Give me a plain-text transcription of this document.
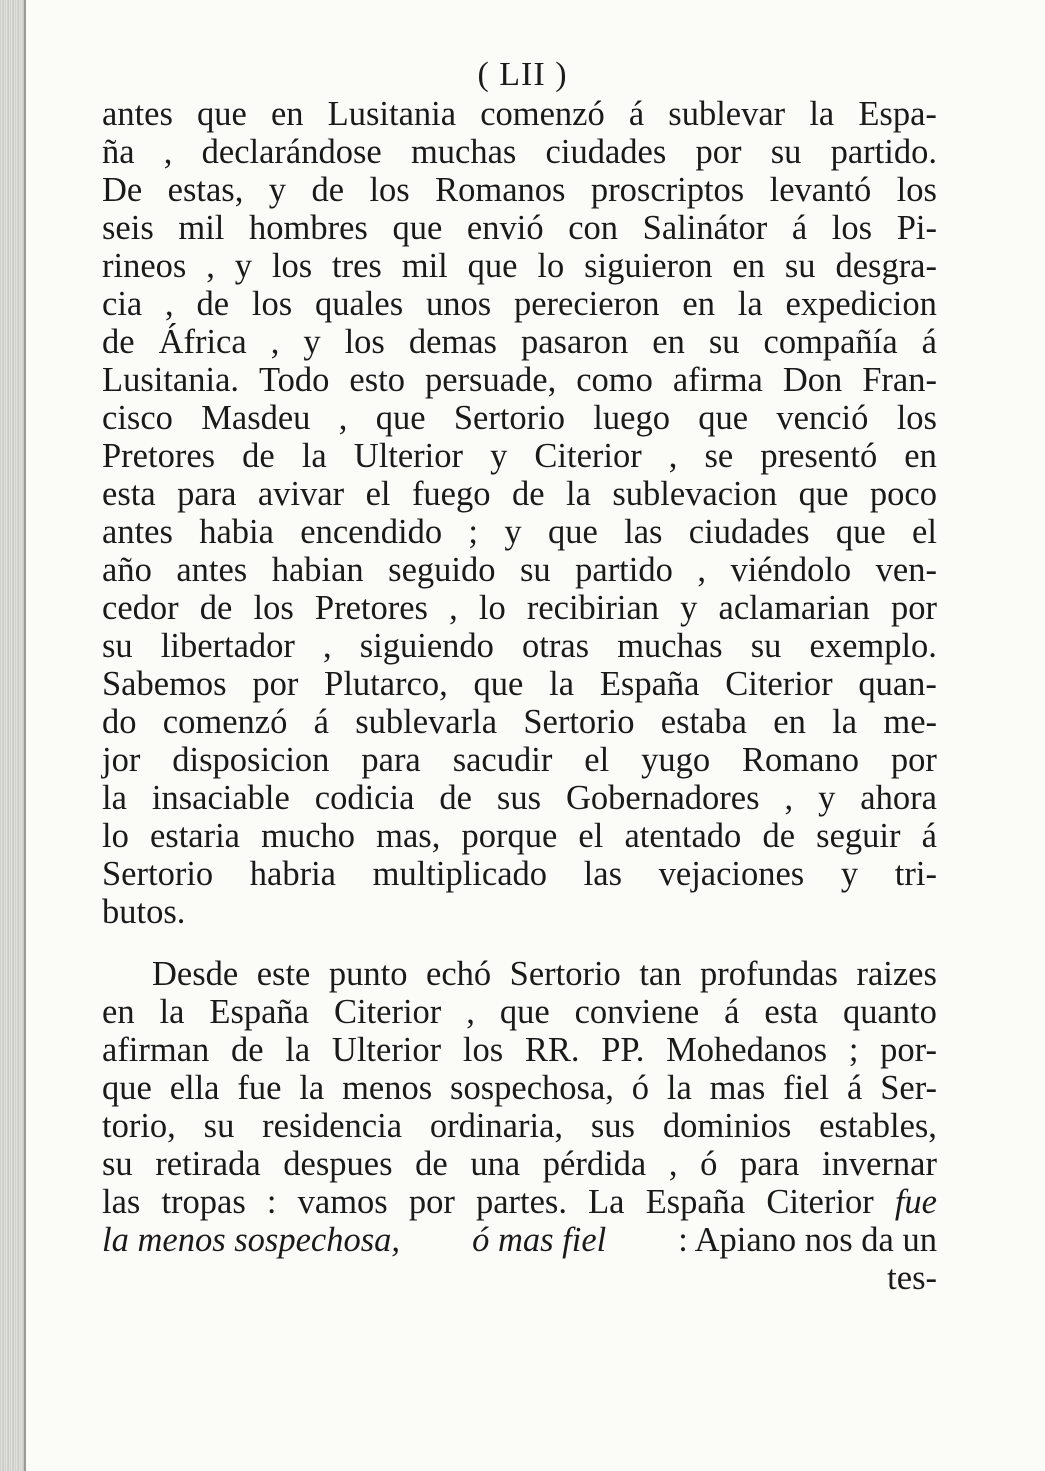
( LII )
antes que en Lusitania comenzó á sublevar la Espa-
ña , declarándose muchas ciudades por su partido.
De estas, y de los Romanos proscriptos levantó los
seis mil hombres que envió con Salinátor á los Pi-
rineos , y los tres mil que lo siguieron en su desgra-
cia , de los quales unos perecieron en la expedicion
de África , y los demas pasaron en su compañía á
Lusitania. Todo esto persuade, como afirma Don Fran-
cisco Masdeu , que Sertorio luego que venció los
Pretores de la Ulterior y Citerior , se presentó en
esta para avivar el fuego de la sublevacion que poco
antes habia encendido ; y que las ciudades que el
año antes habian seguido su partido , viéndolo ven-
cedor de los Pretores , lo recibirian y aclamarian por
su libertador , siguiendo otras muchas su exemplo.
Sabemos por Plutarco, que la España Citerior quan-
do comenzó á sublevarla Sertorio estaba en la me-
jor disposicion para sacudir el yugo Romano por
la insaciable codicia de sus Gobernadores , y ahora
lo estaria mucho mas, porque el atentado de seguir á
Sertorio habria multiplicado las vejaciones y tri-
butos.
Desde este punto echó Sertorio tan profundas raizes
en la España Citerior , que conviene á esta quanto
afirman de la Ulterior los RR. PP. Mohedanos ; por-
que ella fue la menos sospechosa, ó la mas fiel á Ser-
torio, su residencia ordinaria, sus dominios estables,
su retirada despues de una pérdida , ó para invernar
las tropas : vamos por partes. La España Citerior fue
la menos sospechosa, ó mas fiel : Apiano nos da un
tes-
